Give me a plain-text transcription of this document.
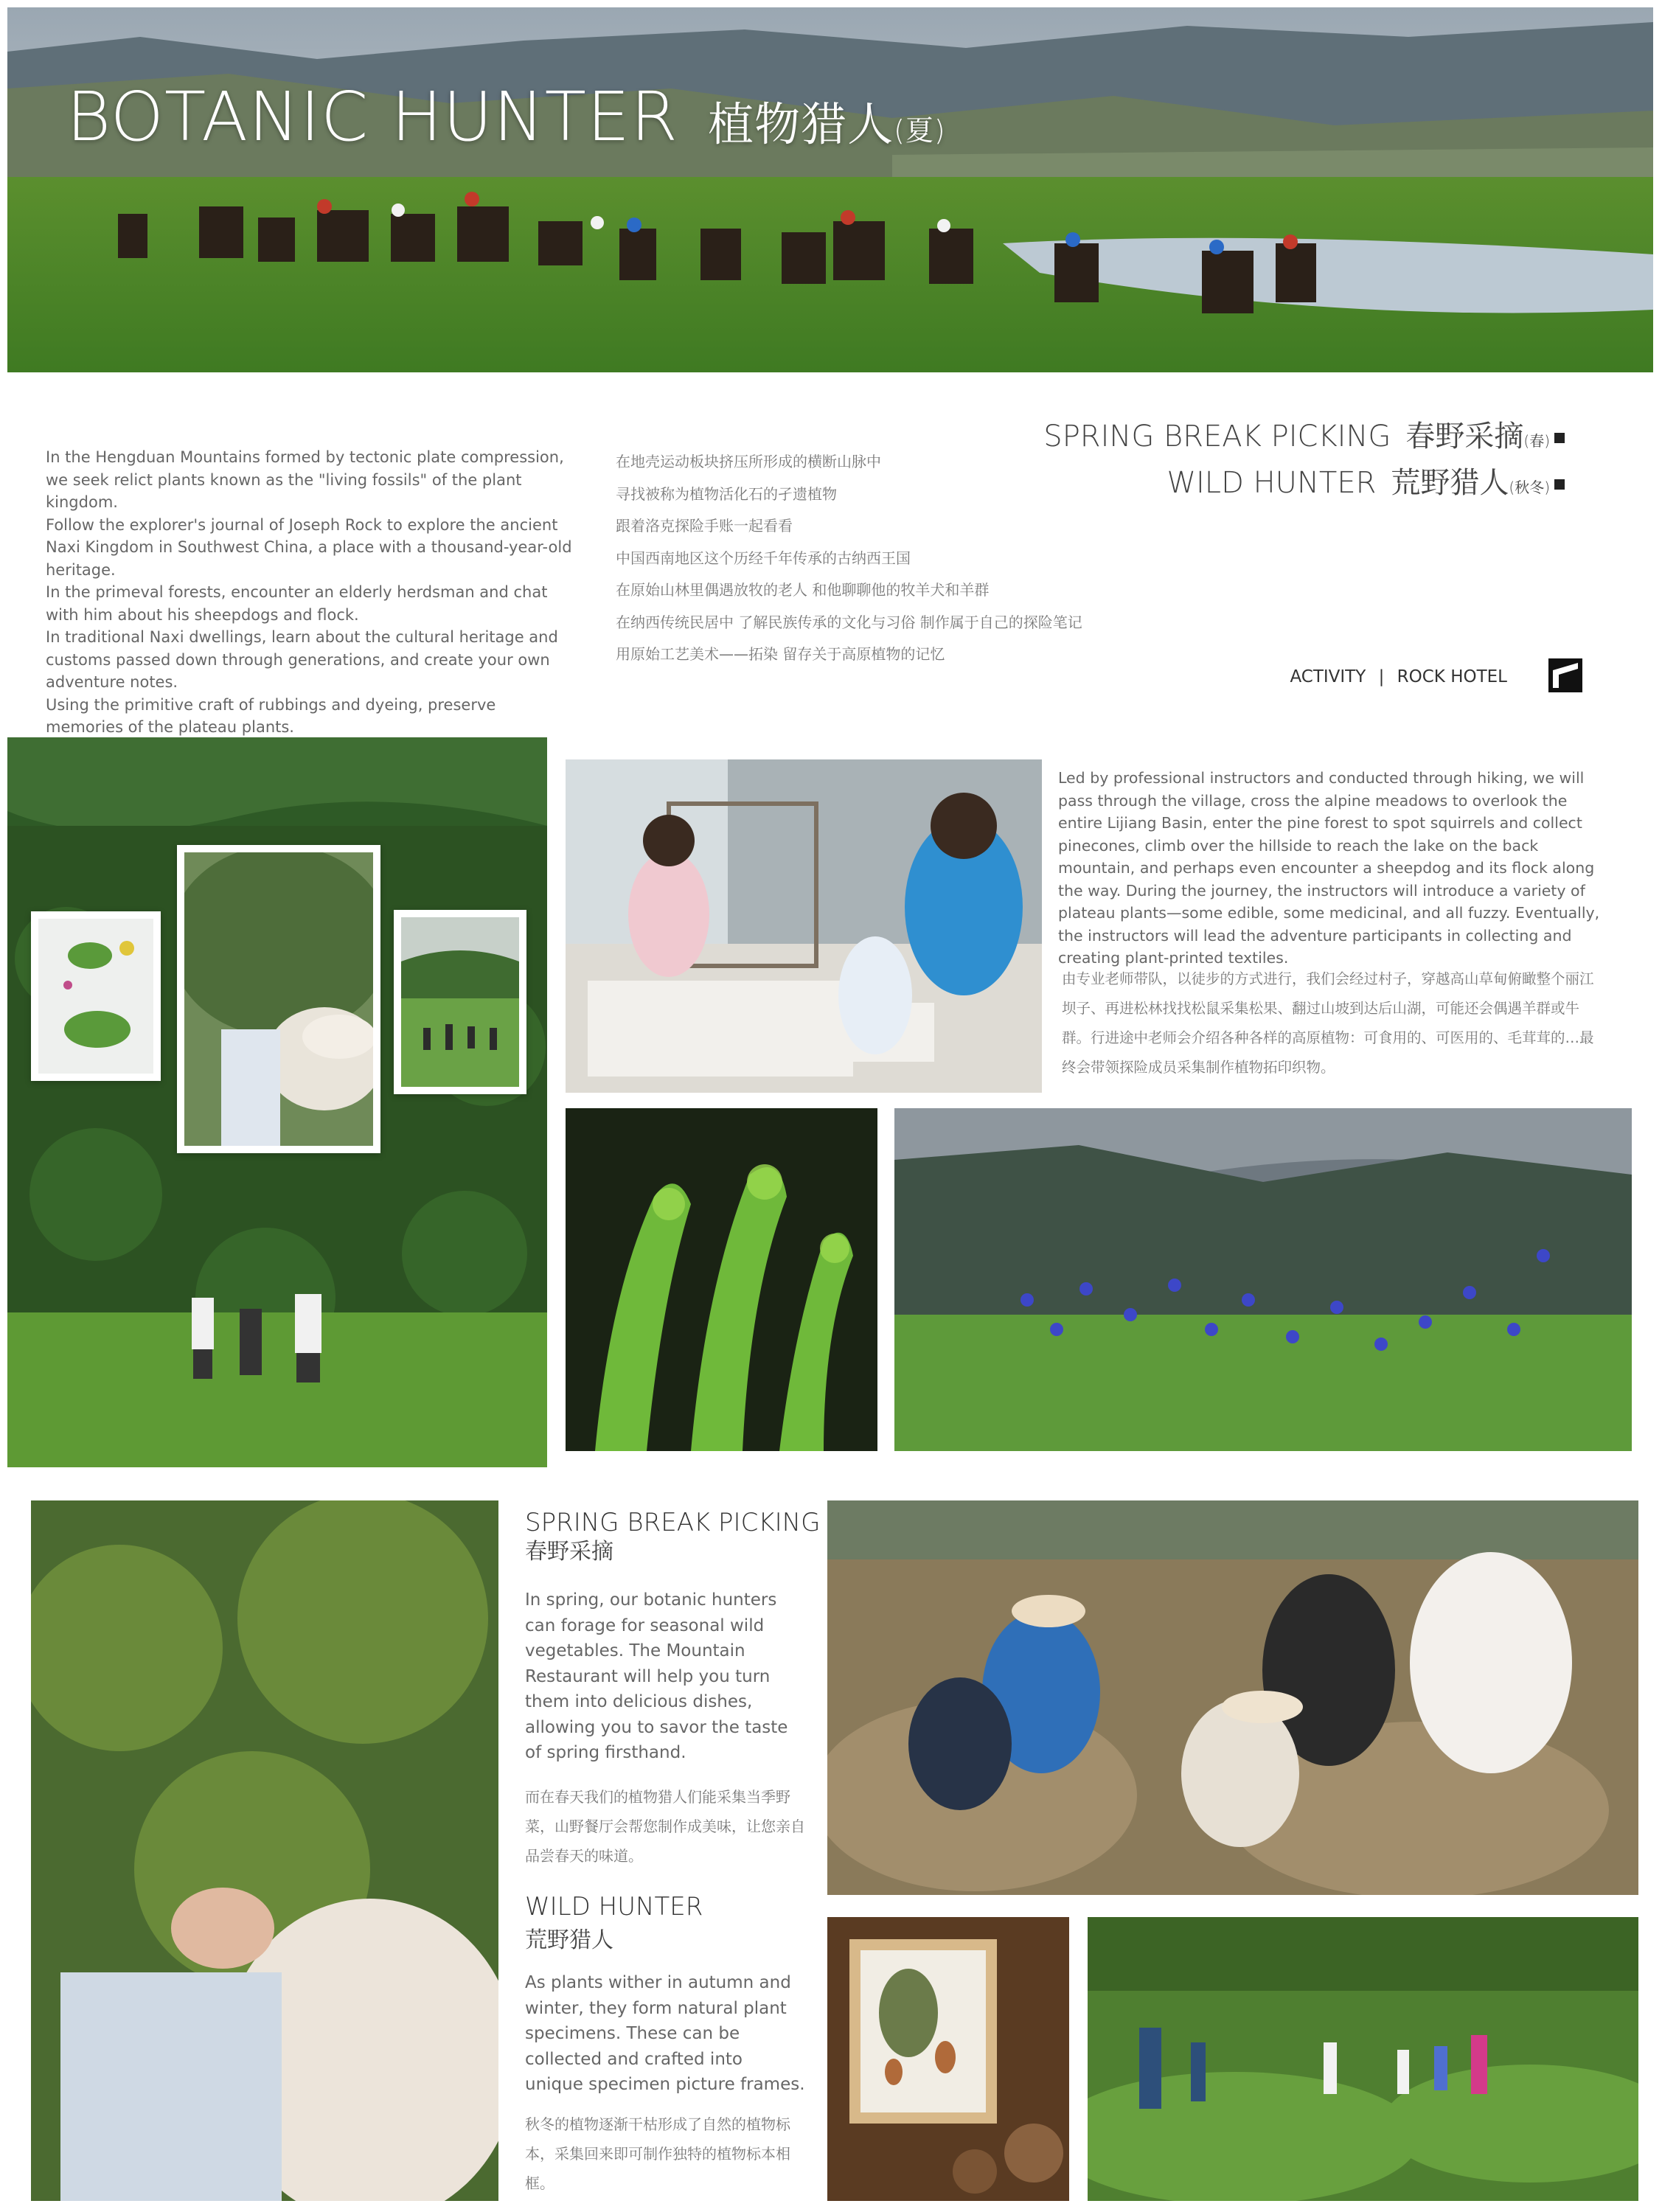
BOTANIC HUNTER 植物猎人(夏)

In the Hengduan Mountains formed by tectonic plate compression, we seek relict plants known as the "living fossils" of the plant kingdom.

Follow the explorer's journal of Joseph Rock to explore the ancient Naxi Kingdom in Southwest China, a place with a thousand-year-old heritage.

In the primeval forests, encounter an elderly herdsman and chat with him about his sheepdogs and flock.

In traditional Naxi dwellings, learn about the cultural heritage and customs passed down through generations, and create your own adventure notes.

Using the primitive craft of rubbings and dyeing, preserve memories of the plateau plants.

在地壳运动板块挤压所形成的横断山脉中

寻找被称为植物活化石的孑遗植物

跟着洛克探险手账一起看看

中国西南地区这个历经千年传承的古纳西王国

在原始山林里偶遇放牧的老人 和他聊聊他的牧羊犬和羊群

在纳西传统民居中 了解民族传承的文化与习俗 制作属于自己的探险笔记

用原始工艺美术——拓染 留存关于高原植物的记忆

SPRING BREAK PICKING 春野采摘(春)
WILD HUNTER 荒野猎人(秋冬)
ACTIVITY | ROCK HOTEL
Led by professional instructors and conducted through hiking, we will pass through the village, cross the alpine meadows to overlook the entire Lijiang Basin, enter the pine forest to spot squirrels and collect pinecones, climb over the hillside to reach the lake on the back mountain, and perhaps even encounter a sheepdog and its flock along the way. During the journey, the instructors will introduce a variety of plateau plants—some edible, some medicinal, and all fuzzy. Eventually, the instructors will lead the adventure participants in collecting and creating plant-printed textiles.
由专业老师带队，以徒步的方式进行，我们会经过村子，穿越高山草甸俯瞰整个丽江坝子、再进松林找找松鼠采集松果、翻过山坡到达后山湖，可能还会偶遇羊群或牛群。行进途中老师会介绍各种各样的高原植物：可食用的、可医用的、毛茸茸的…最终会带领探险成员采集制作植物拓印织物。
SPRING BREAK PICKING
春野采摘
In spring, our botanic hunters can forage for seasonal wild vegetables. The Mountain Restaurant will help you turn them into delicious dishes, allowing you to savor the taste of spring firsthand.
而在春天我们的植物猎人们能采集当季野菜，山野餐厅会帮您制作成美味，让您亲自品尝春天的味道。
WILD HUNTER
荒野猎人
As plants wither in autumn and winter, they form natural plant specimens. These can be collected and crafted into unique specimen picture frames.
秋冬的植物逐渐干枯形成了自然的植物标本，采集回来即可制作独特的植物标本相框。
